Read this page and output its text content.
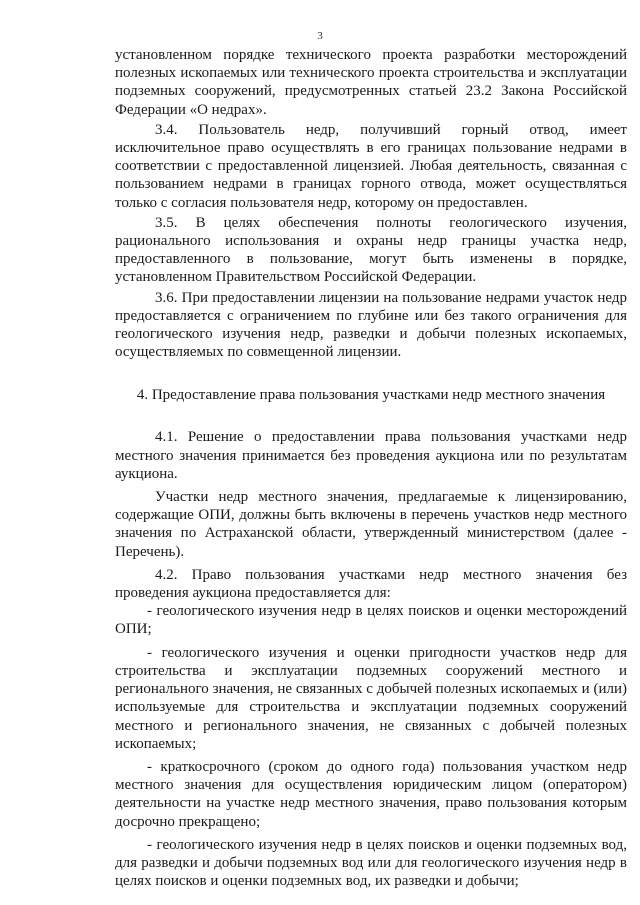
3

установленном порядке технического проекта разработки месторождений полезных ископаемых или технического проекта строительства и эксплуатации подземных сооружений, предусмотренных статьей 23.2 Закона Российской Федерации «О недрах».

3.4. Пользователь недр, получивший горный отвод, имеет исключительное право осуществлять в его границах пользование недрами в соответствии с предоставленной лицензией. Любая деятельность, связанная с пользованием недрами в границах горного отвода, может осуществляться только с согласия пользователя недр, которому он предоставлен.

3.5. В целях обеспечения полноты геологического изучения, рационального использования и охраны недр границы участка недр, предоставленного в пользование, могут быть изменены в порядке, установленном Правительством Российской Федерации.

3.6. При предоставлении лицензии на пользование недрами участок недр предоставляется с ограничением по глубине или без такого ограничения для геологического изучения недр, разведки и добычи полезных ископаемых, осуществляемых по совмещенной лицензии.

4. Предоставление права пользования участками недр местного значения

4.1. Решение о предоставлении права пользования участками недр местного значения принимается без проведения аукциона или по результатам аукциона.

Участки недр местного значения, предлагаемые к лицензированию, содержащие ОПИ, должны быть включены в перечень участков недр местного значения по Астраханской области, утвержденный министерством (далее - Перечень).

4.2. Право пользования участками недр местного значения без проведения аукциона предоставляется для:

- геологического изучения недр в целях поисков и оценки месторождений ОПИ;

- геологического изучения и оценки пригодности участков недр для строительства и эксплуатации подземных сооружений местного и регионального значения, не связанных с добычей полезных ископаемых и (или) используемые для строительства и эксплуатации подземных сооружений местного и регионального значения, не связанных с добычей полезных ископаемых;

- краткосрочного (сроком до одного года) пользования участком недр местного значения для осуществления юридическим лицом (оператором) деятельности на участке недр местного значения, право пользования которым досрочно прекращено;

- геологического изучения недр в целях поисков и оценки подземных вод, для разведки и добычи подземных вод или для геологического изучения недр в целях поисков и оценки подземных вод, их разведки и добычи;
